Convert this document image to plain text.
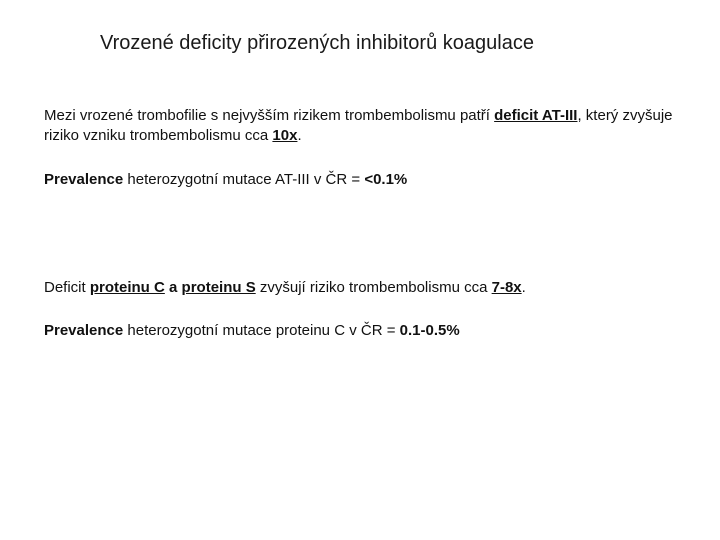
Vrozené deficity přirozených inhibitorů koagulace
Mezi vrozené trombofilie s nejvyšším rizikem trombembolismu patří deficit AT-III, který zvyšuje riziko vzniku trombembolismu cca 10x.
Prevalence heterozygotní mutace AT-III v ČR = <0.1%
Deficit proteinu C a proteinu S zvyšují riziko trombembolismu cca 7-8x.
Prevalence heterozygotní mutace proteinu C v ČR = 0.1-0.5%
